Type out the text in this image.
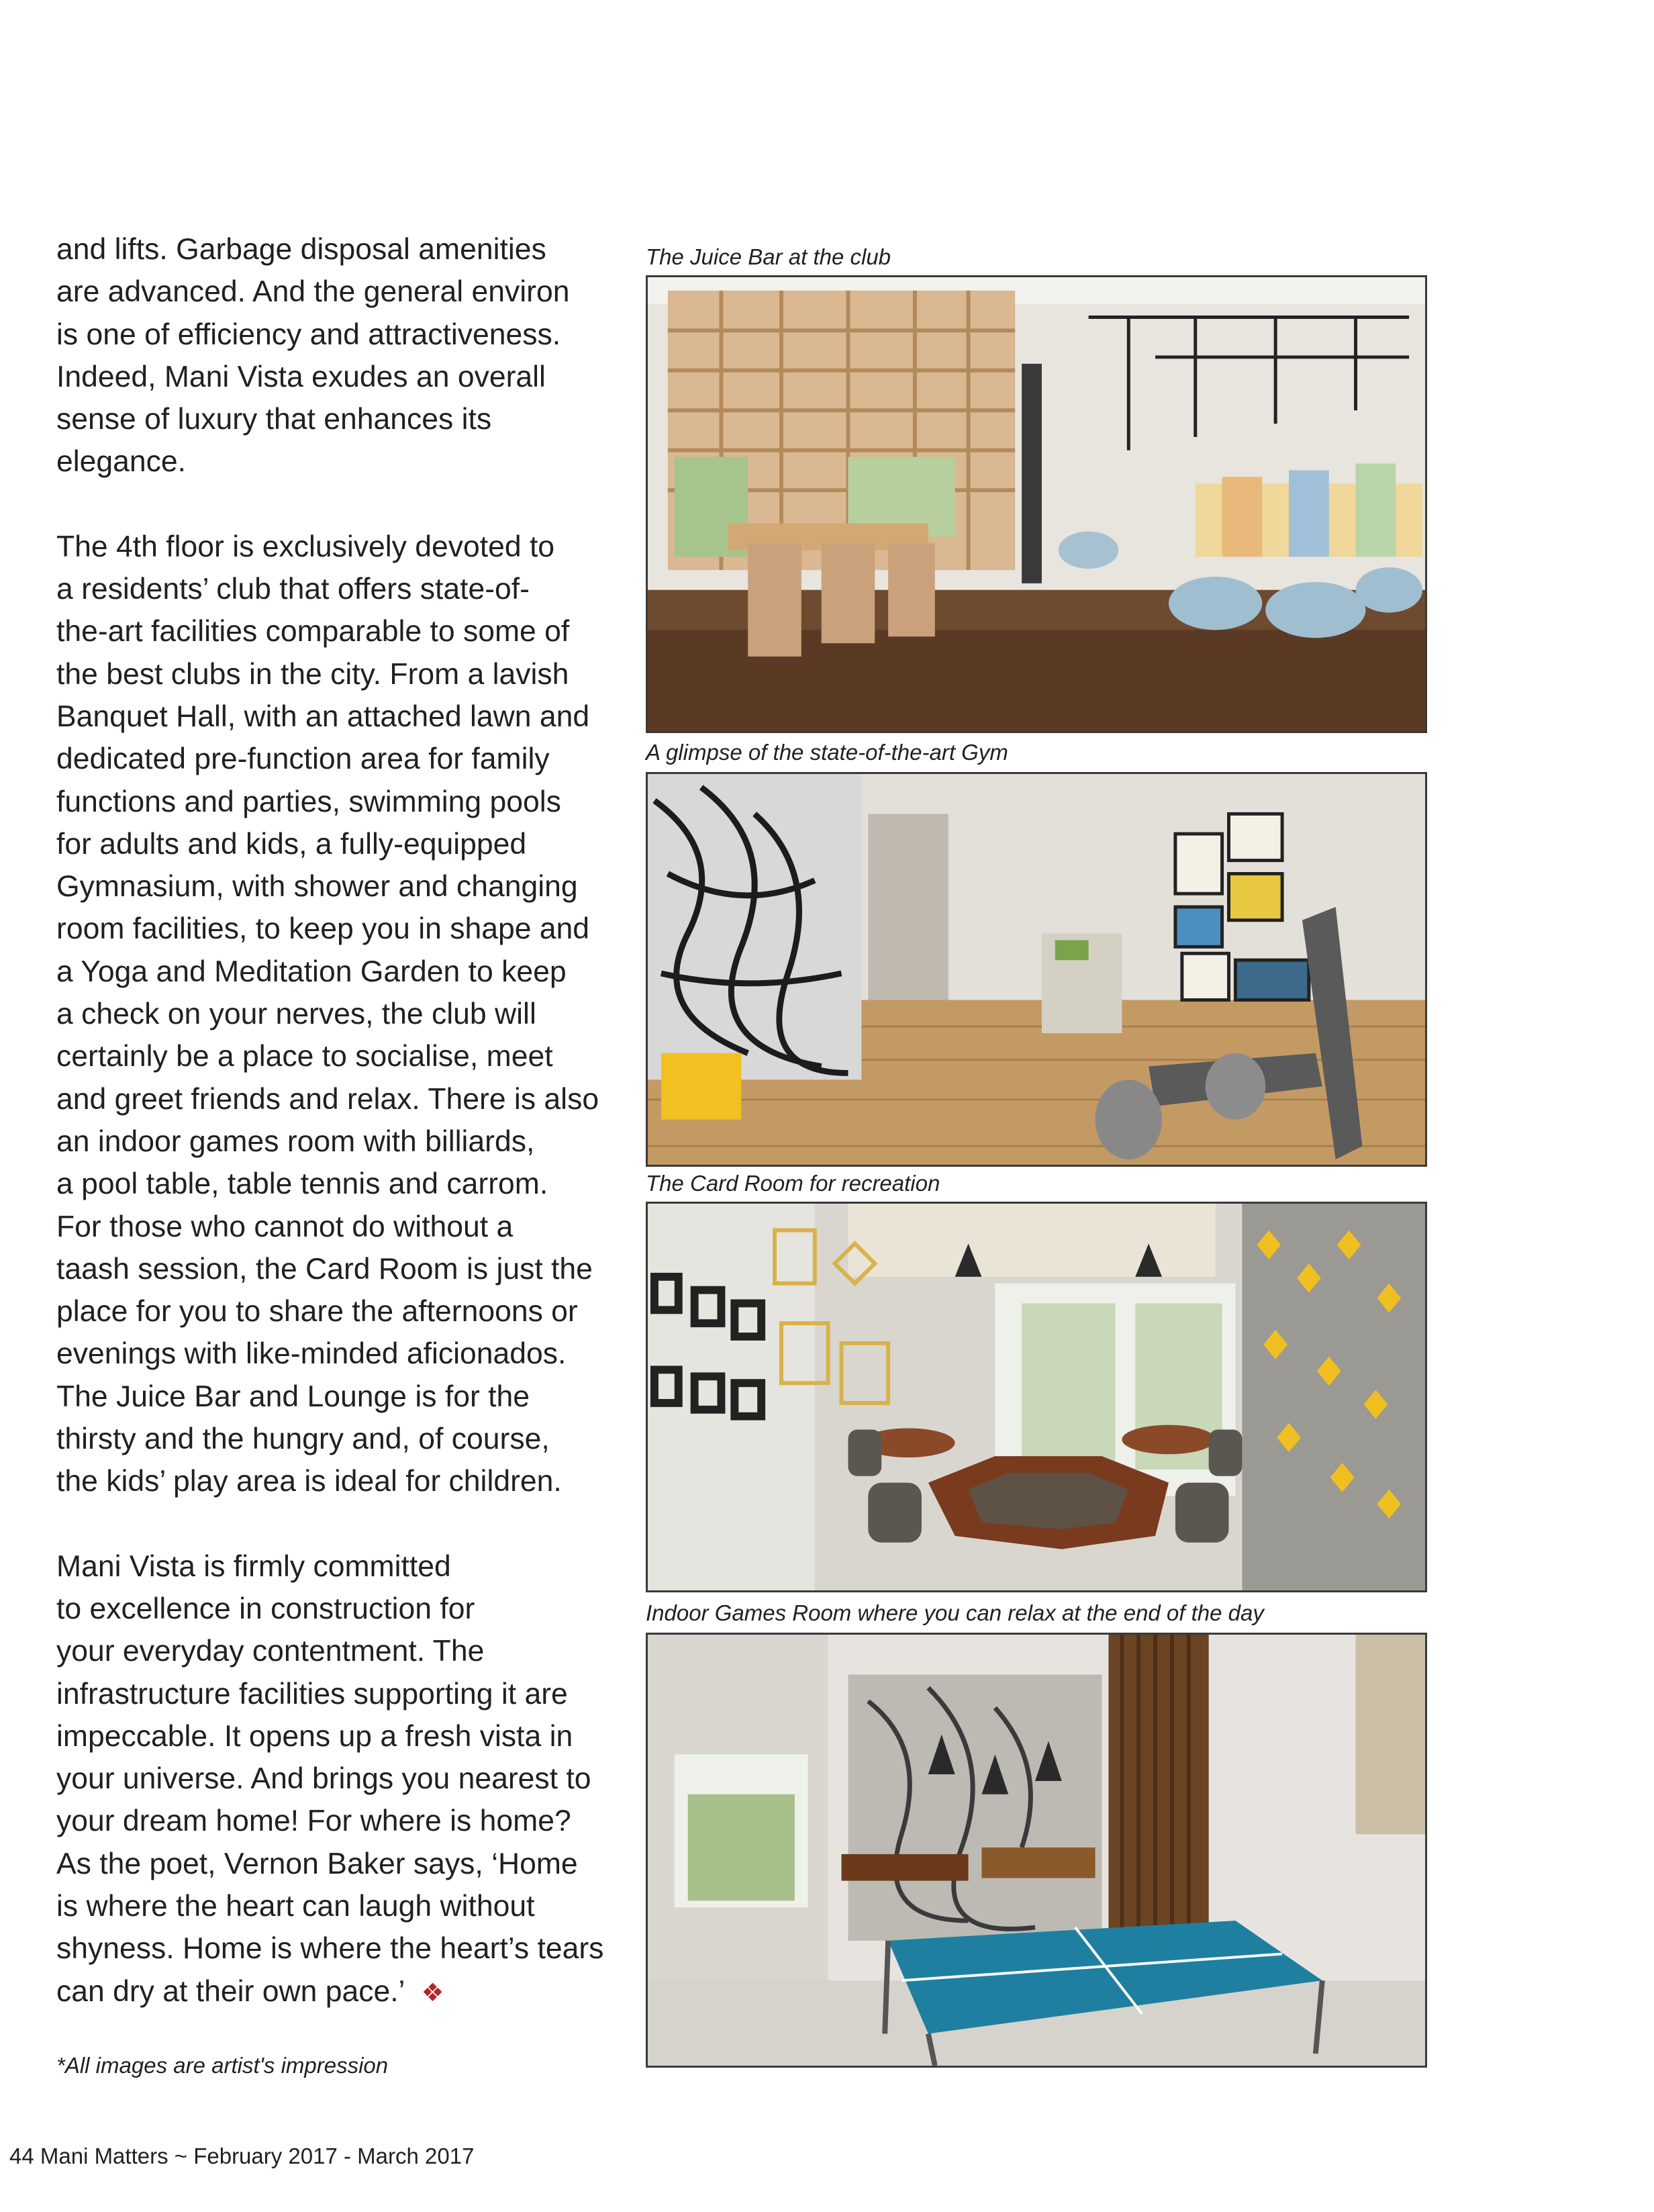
and lifts. Garbage disposal amenities
are advanced. And the general environ
is one of efficiency and attractiveness.
Indeed, Mani Vista exudes an overall
sense of luxury that enhances its
elegance.

The 4th floor is exclusively devoted to
a residents’ club that offers state-of-
the-art facilities comparable to some of
the best clubs in the city. From a lavish
Banquet Hall, with an attached lawn and
dedicated pre-function area for family
functions and parties, swimming pools
for adults and kids, a fully-equipped
Gymnasium, with shower and changing
room facilities, to keep you in shape and
a Yoga and Meditation Garden to keep
a check on your nerves, the club will
certainly be a place to socialise, meet
and greet friends and relax. There is also
an indoor games room with billiards,
a pool table, table tennis and carrom.
For those who cannot do without a
taash session, the Card Room is just the
place for you to share the afternoons or
evenings with like-minded aficionados.
The Juice Bar and Lounge is for the
thirsty and the hungry and, of course,
the kids’ play area is ideal for children.

Mani Vista is firmly committed
to excellence in construction for
your everyday contentment. The
infrastructure facilities supporting it are
impeccable. It opens up a fresh vista in
your universe. And brings you nearest to
your dream home! For where is home?
As the poet, Vernon Baker says, ‘Home
is where the heart can laugh without
shyness. Home is where the heart’s tears
can dry at their own pace.’ ❖

*All images are artist's impression
The Juice Bar at the club
A glimpse of the state-of-the-art Gym
The Card Room for recreation
Indoor Games Room where you can relax at the end of the day
44 Mani Matters ~ February 2017 - March 2017
